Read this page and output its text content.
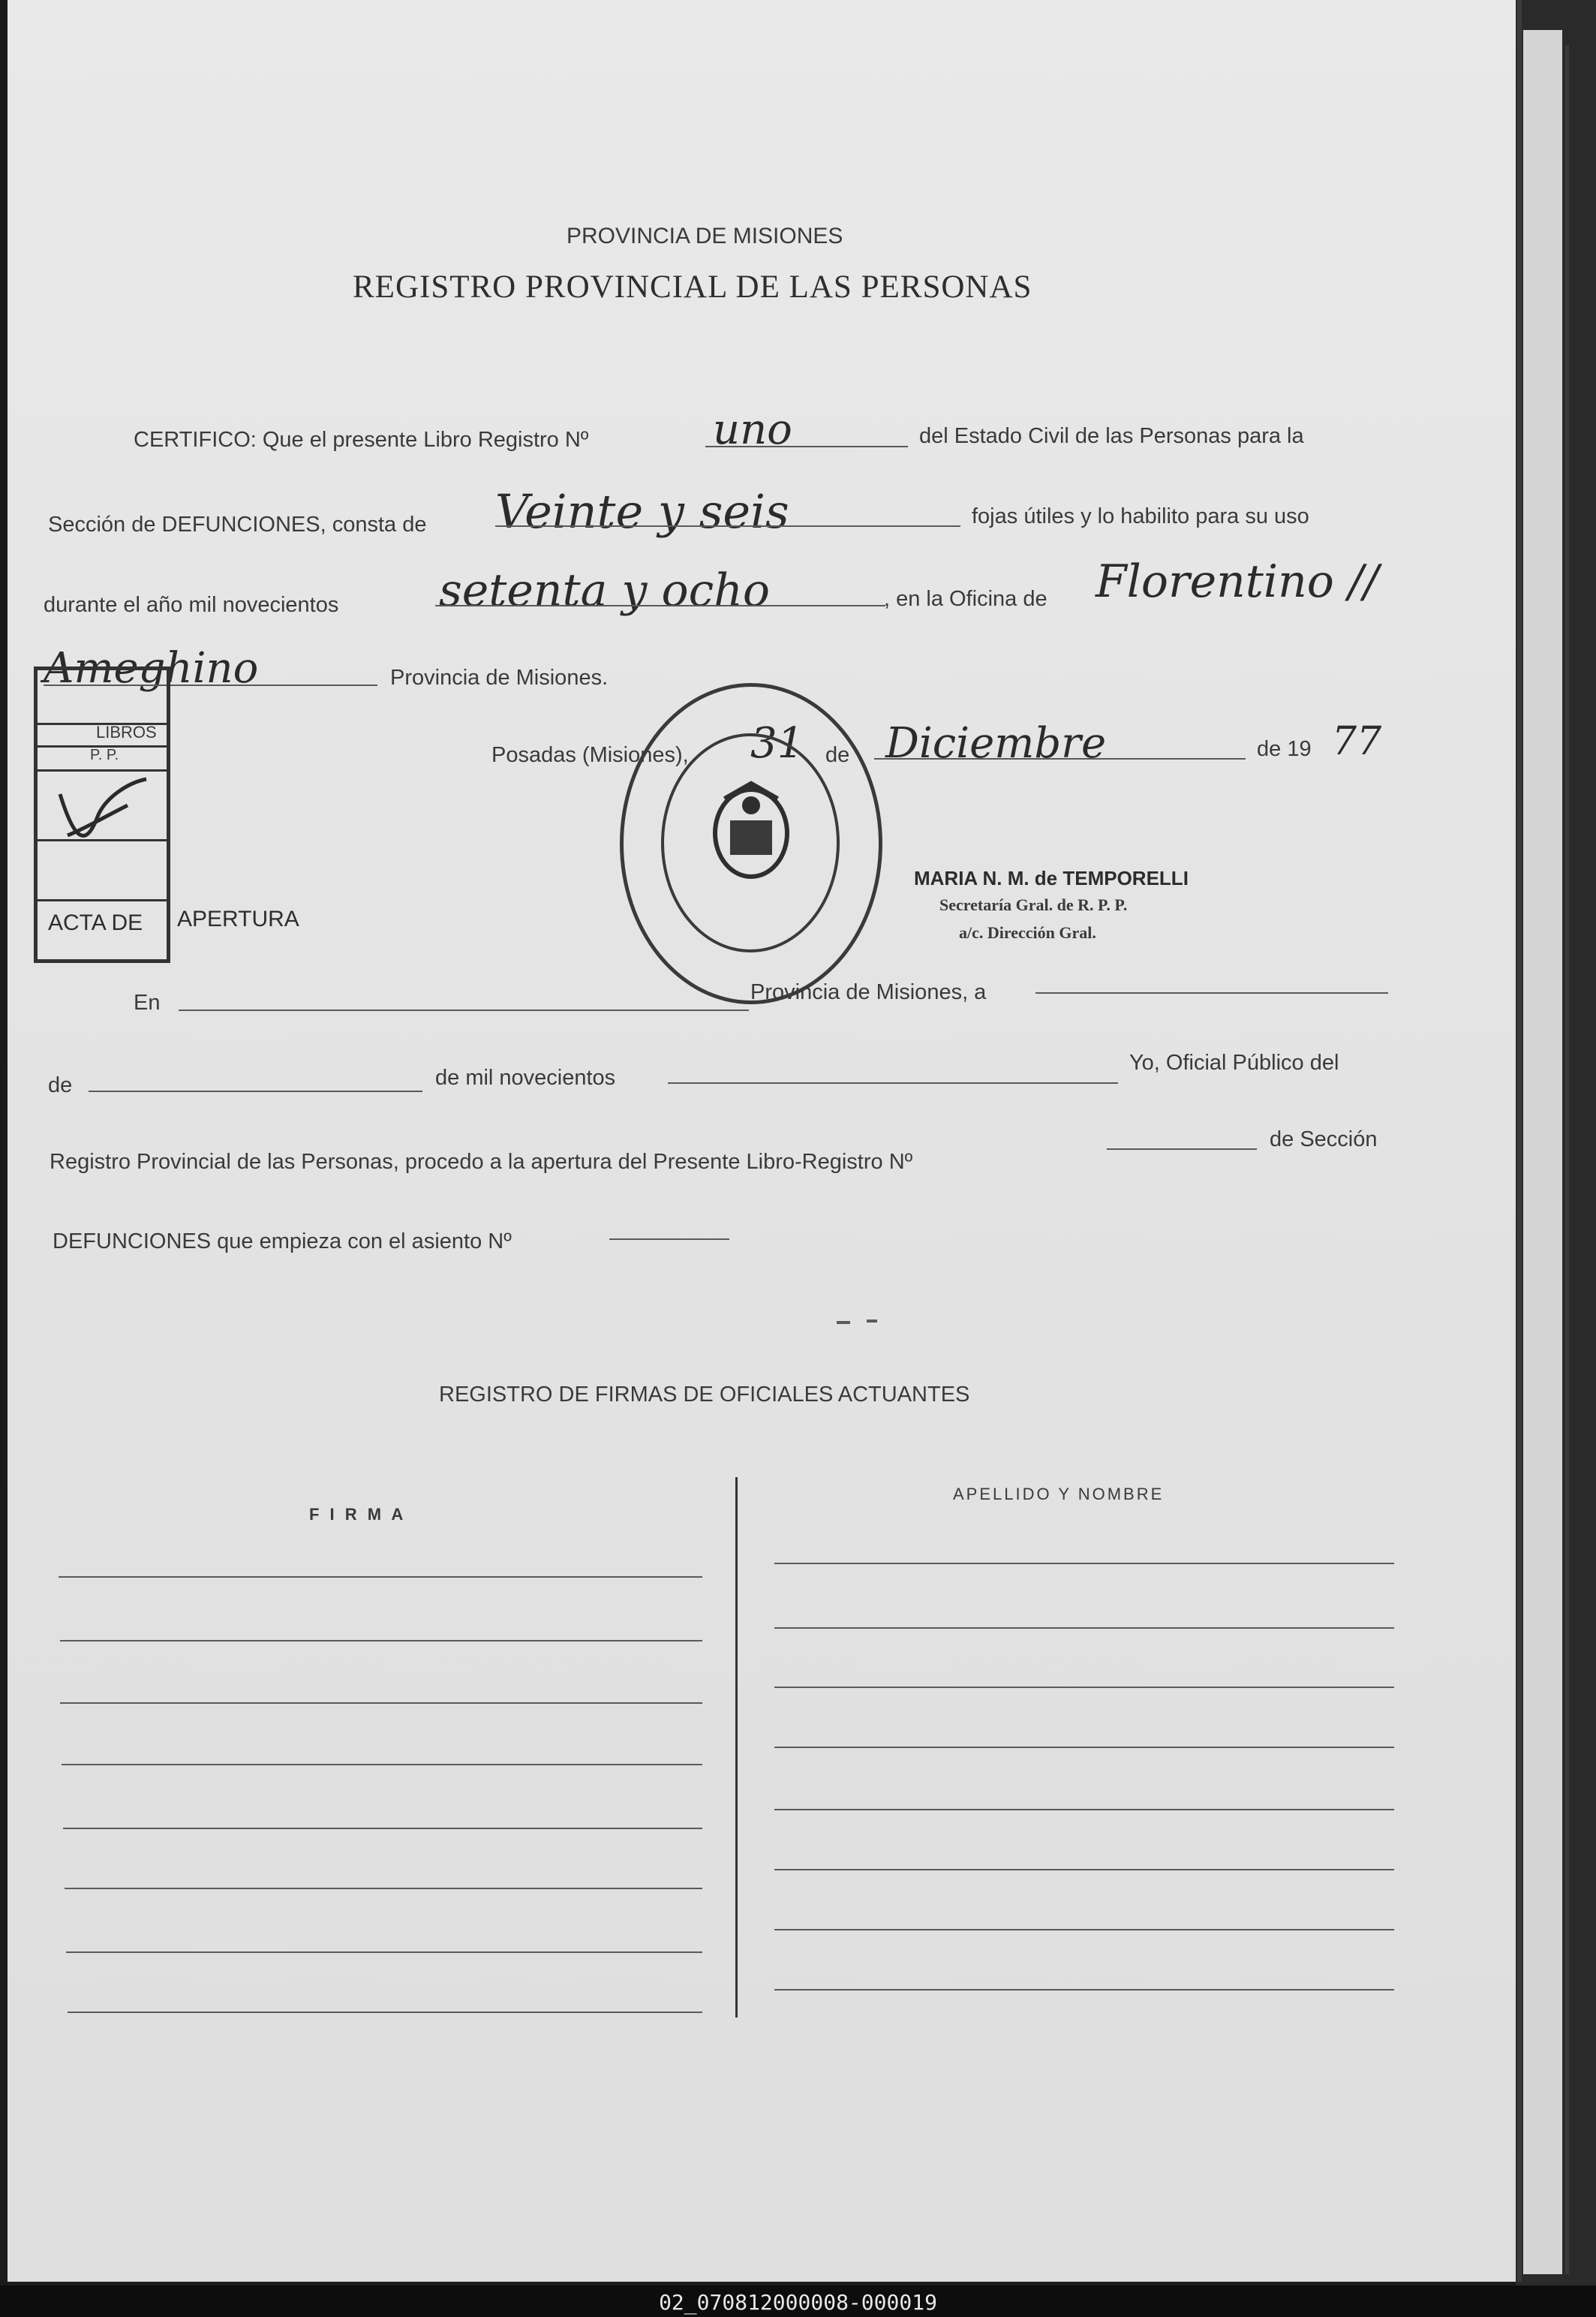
PROVINCIA DE MISIONES
REGISTRO PROVINCIAL DE LAS PERSONAS
CERTIFICO: Que el presente Libro Registro Nº	uno	del Estado Civil de las Personas para la
Sección de DEFUNCIONES, consta de Veinte y seis	fojas útiles y lo habilito para su uso
durante el año mil novecientos setenta y ocho	, en la Oficina de Florentino //
Ameghino	Provincia de Misiones.
Posadas (Misiones), 31 de Diciembre	de 19 77
LIBROS
P. P.
MARIA N. M. de TEMPORELLI
Secretaría Gral. de R. P. P.
a/c. Dirección Gral.
ACTA DE APERTURA
En	Provincia de Misiones, a
de	de mil novecientos
Yo, Oficial Público del
Registro Provincial de las Personas, procedo a la apertura del Presente Libro-Registro Nº
de Sección
DEFUNCIONES que empieza con el asiento Nº
REGISTRO DE FIRMAS DE OFICIALES ACTUANTES
F I R M A
APELLIDO Y NOMBRE
02_070812000008-000019
